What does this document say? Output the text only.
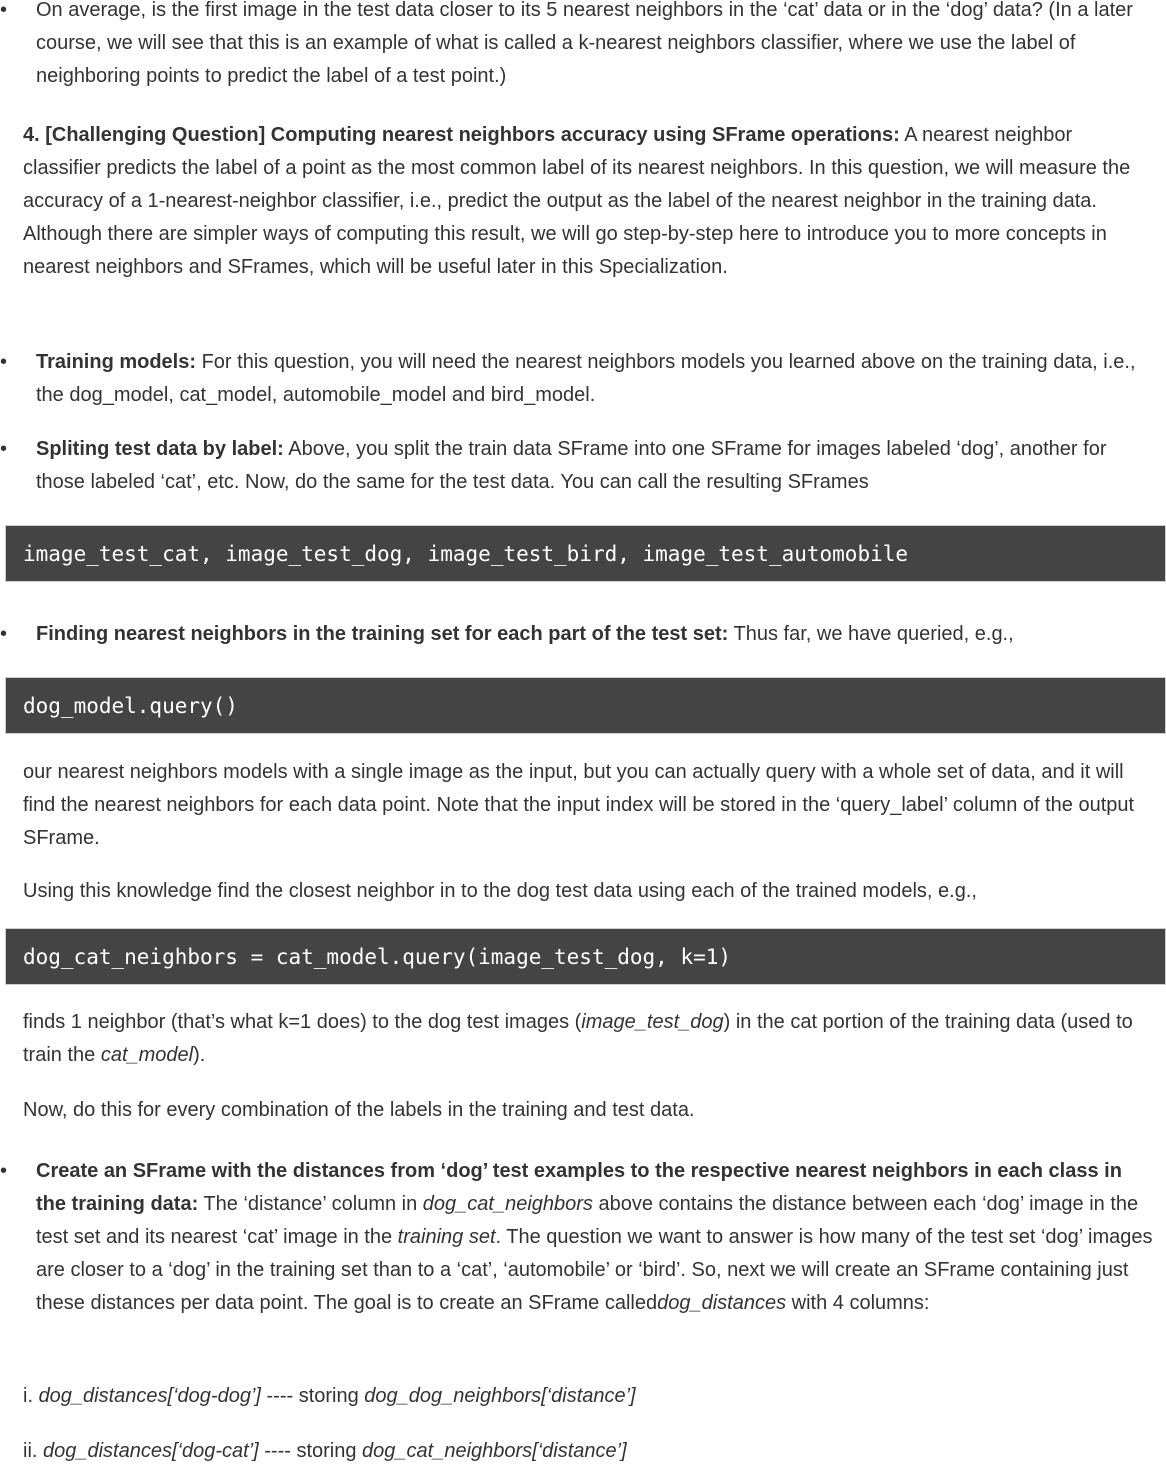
•	On average, is the first image in the test data closer to its 5 nearest neighbors in the ‘cat’ data or in the ‘dog’ data? (In a later course, we will see that this is an example of what is called a k-nearest neighbors classifier, where we use the label of neighboring points to predict the label of a test point.)

4. [Challenging Question] Computing nearest neighbors accuracy using SFrame operations: A nearest neighbor classifier predicts the label of a point as the most common label of its nearest neighbors. In this question, we will measure the accuracy of a 1-nearest-neighbor classifier, i.e., predict the output as the label of the nearest neighbor in the training data. Although there are simpler ways of computing this result, we will go step-by-step here to introduce you to more concepts in nearest neighbors and SFrames, which will be useful later in this Specialization.

•	Training models: For this question, you will need the nearest neighbors models you learned above on the training data, i.e., the dog_model, cat_model, automobile_model and bird_model.

•	Spliting test data by label: Above, you split the train data SFrame into one SFrame for images labeled ‘dog’, another for those labeled ‘cat’, etc. Now, do the same for the test data. You can call the resulting SFrames

image_test_cat, image_test_dog, image_test_bird, image_test_automobile
•	Finding nearest neighbors in the training set for each part of the test set: Thus far, we have queried, e.g.,

dog_model.query()

our nearest neighbors models with a single image as the input, but you can actually query with a whole set of data, and it will find the nearest neighbors for each data point. Note that the input index will be stored in the ‘query_label’ column of the output SFrame.

Using this knowledge find the closest neighbor in to the dog test data using each of the trained models, e.g.,

dog_cat_neighbors = cat_model.query(image_test_dog, k=1)

finds 1 neighbor (that’s what k=1 does) to the dog test images (image_test_dog) in the cat portion of the training data (used to train the cat_model).

Now, do this for every combination of the labels in the training and test data.

•	Create an SFrame with the distances from ‘dog’ test examples to the respective nearest neighbors in each class in the training data: The ‘distance’ column in dog_cat_neighbors above contains the distance between each ‘dog’ image in the test set and its nearest ‘cat’ image in the training set. The question we want to answer is how many of the test set ‘dog’ images are closer to a ‘dog’ in the training set than to a ‘cat’, ‘automobile’ or ‘bird’. So, next we will create an SFrame containing just these distances per data point. The goal is to create an SFrame calleddog_distances with 4 columns:

i. dog_distances[‘dog-dog’] ---- storing dog_dog_neighbors[‘distance’]

ii. dog_distances[‘dog-cat’] ---- storing dog_cat_neighbors[‘distance’]
